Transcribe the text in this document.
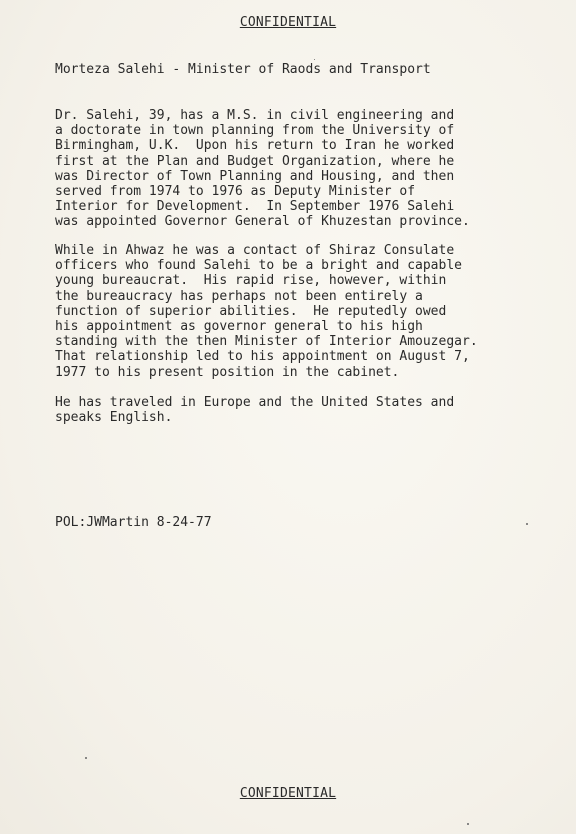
CONFIDENTIAL
Morteza Salehi - Minister of Raods and Transport
Dr. Salehi, 39, has a M.S. in civil engineering and
a doctorate in town planning from the University of
Birmingham, U.K.  Upon his return to Iran he worked
first at the Plan and Budget Organization, where he
was Director of Town Planning and Housing, and then
served from 1974 to 1976 as Deputy Minister of
Interior for Development.  In September 1976 Salehi
was appointed Governor General of Khuzestan province.
While in Ahwaz he was a contact of Shiraz Consulate
officers who found Salehi to be a bright and capable
young bureaucrat.  His rapid rise, however, within
the bureaucracy has perhaps not been entirely a
function of superior abilities.  He reputedly owed
his appointment as governor general to his high
standing with the then Minister of Interior Amouzegar.
That relationship led to his appointment on August 7,
1977 to his present position in the cabinet.
He has traveled in Europe and the United States and
speaks English.
POL:JWMartin 8-24-77
CONFIDENTIAL
